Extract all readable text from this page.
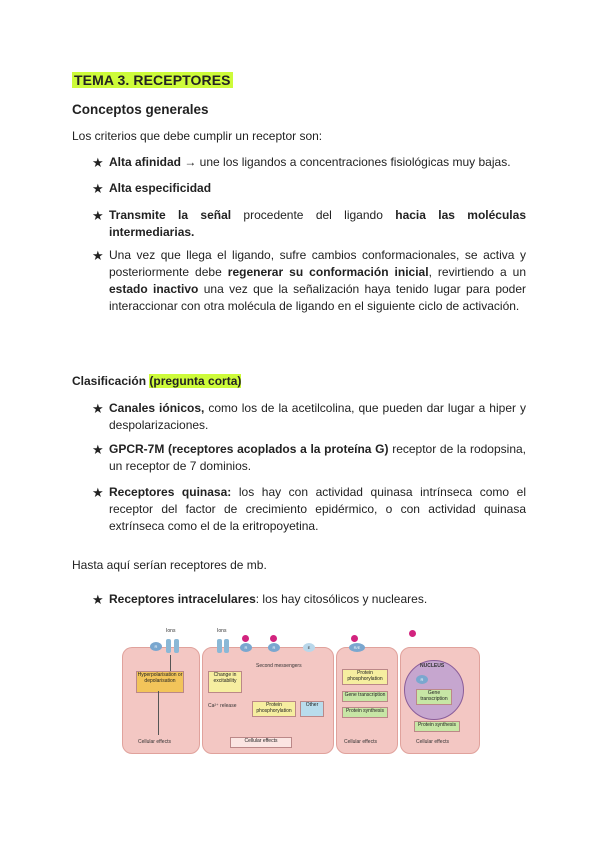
TEMA 3. RECEPTORES
Conceptos generales
Los criterios que debe cumplir un receptor son:
★ Alta afinidad → une los ligandos a concentraciones fisiológicas muy bajas.
★ Alta especificidad
★ Transmite la señal procedente del ligando hacia las moléculas intermediarias.
★ Una vez que llega el ligando, sufre cambios conformacionales, se activa y posteriormente debe regenerar su conformación inicial, revirtiendo a un estado inactivo una vez que la señalización haya tenido lugar para poder interaccionar con otra molécula de ligando en el siguiente ciclo de activación.
Clasificación (pregunta corta)
★ Canales iónicos, como los de la acetilcolina, que pueden dar lugar a hiper y despolarizaciones.
★ GPCR-7M (receptores acoplados a la proteína G) receptor de la rodopsina, un receptor de 7 dominios.
★ Receptores quinasa: los hay con actividad quinasa intrínseca como el receptor del factor de crecimiento epidérmico, o con actividad quinasa extrínseca como el de la eritropoyetina.
Hasta aquí serían receptores de mb.
★ Receptores intracelulares: los hay citosólicos y nucleares.
Ions
R
Hyperpolarisation or depolarisation
Cellular effects
Ions
R	R	E
Change in excitability
Second messengers
Ca²⁺ release	Protein phosphorylation
Other
Cellular effects
R/E
Protein phosphorylation
Gene transcription
Protein synthesis
Cellular effects
NUCLEUS
R
Gene transcription
Protein synthesis
Cellular effects
